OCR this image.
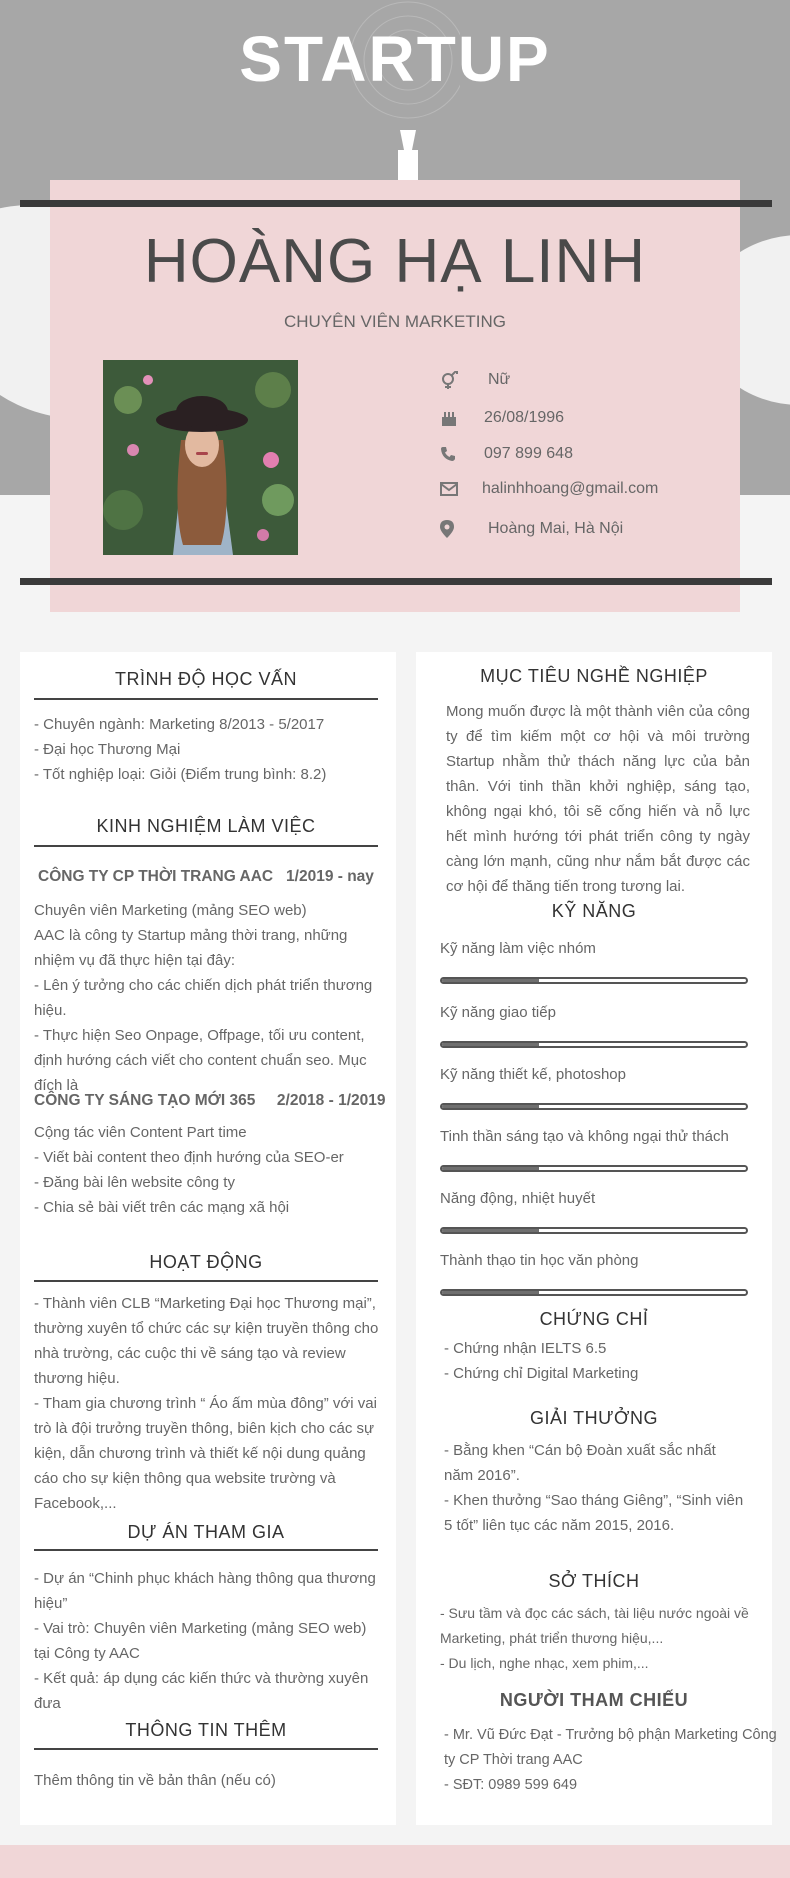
STARTUP
HOÀNG HẠ LINH
CHUYÊN VIÊN MARKETING
Nữ
26/08/1996
097 899 648
halinhhoang@gmail.com
Hoàng Mai, Hà Nội
TRÌNH ĐỘ HỌC VẤN
- Chuyên ngành: Marketing 8/2013 - 5/2017
- Đại học Thương Mại
- Tốt nghiệp loại: Giỏi (Điểm trung bình: 8.2)
KINH NGHIỆM LÀM VIỆC
CÔNG TY CP THỜI TRANG AAC   1/2019 - nay
Chuyên viên Marketing (mảng SEO web)
AAC là công ty Startup mảng thời trang, những nhiệm vụ đã thực hiện tại đây:
- Lên ý tưởng cho các chiến dịch phát triển thương hiệu.
- Thực hiện Seo Onpage, Offpage, tối ưu content, định hướng cách viết cho content chuẩn seo. Mục đích là
CÔNG TY SÁNG TẠO MỚI 365     2/2018 - 1/2019
Cộng tác viên Content Part time
- Viết bài content theo định hướng của SEO-er
- Đăng bài lên website công ty
- Chia sẻ bài viết trên các mạng xã hội
HOẠT ĐỘNG
- Thành viên CLB “Marketing Đại học Thương mại”, thường xuyên tổ chức các sự kiện truyền thông cho nhà trường, các cuộc thi về sáng tạo và review thương hiệu.
- Tham gia chương trình “ Áo ấm mùa đông” với vai trò là đội trưởng truyền thông, biên kịch cho các sự kiện, dẫn chương trình và thiết kế nội dung quảng cáo cho sự kiện thông qua website trường và Facebook,...
DỰ ÁN THAM GIA
- Dự án “Chinh phục khách hàng thông qua thương hiệu”
- Vai trò: Chuyên viên Marketing (mảng SEO web) tại Công ty AAC
- Kết quả: áp dụng các kiến thức và thường xuyên đưa
THÔNG TIN THÊM
Thêm thông tin về bản thân (nếu có)
MỤC TIÊU NGHỀ NGHIỆP
Mong muốn được là một thành viên của công ty để tìm kiếm một cơ hội và môi trường Startup nhằm thử thách năng lực của bản thân. Với tinh thần khởi nghiệp, sáng tạo, không ngại khó, tôi sẽ cống hiến và nỗ lực hết mình hướng tới phát triển công ty ngày càng lớn mạnh, cũng như nắm bắt được các cơ hội để thăng tiến trong tương lai.
KỸ NĂNG
Kỹ năng làm việc nhóm
Kỹ năng giao tiếp
Kỹ năng thiết kế, photoshop
Tinh thần sáng tạo và không ngại thử thách
Năng động, nhiệt huyết
Thành thạo tin học văn phòng
CHỨNG CHỈ
- Chứng nhận IELTS 6.5
- Chứng chỉ Digital Marketing
GIẢI THƯỞNG
- Bằng khen “Cán bộ Đoàn xuất sắc nhất năm 2016”.
- Khen thưởng “Sao tháng Giêng”, “Sinh viên 5 tốt” liên tục các năm 2015, 2016.
SỞ THÍCH
- Sưu tầm và đọc các sách, tài liệu nước ngoài về Marketing, phát triển thương hiệu,...
- Du lịch, nghe nhạc, xem phim,...
NGƯỜI THAM CHIẾU
- Mr. Vũ Đức Đạt - Trưởng bộ phận Marketing Công ty CP Thời trang AAC
- SĐT: 0989 599 649
